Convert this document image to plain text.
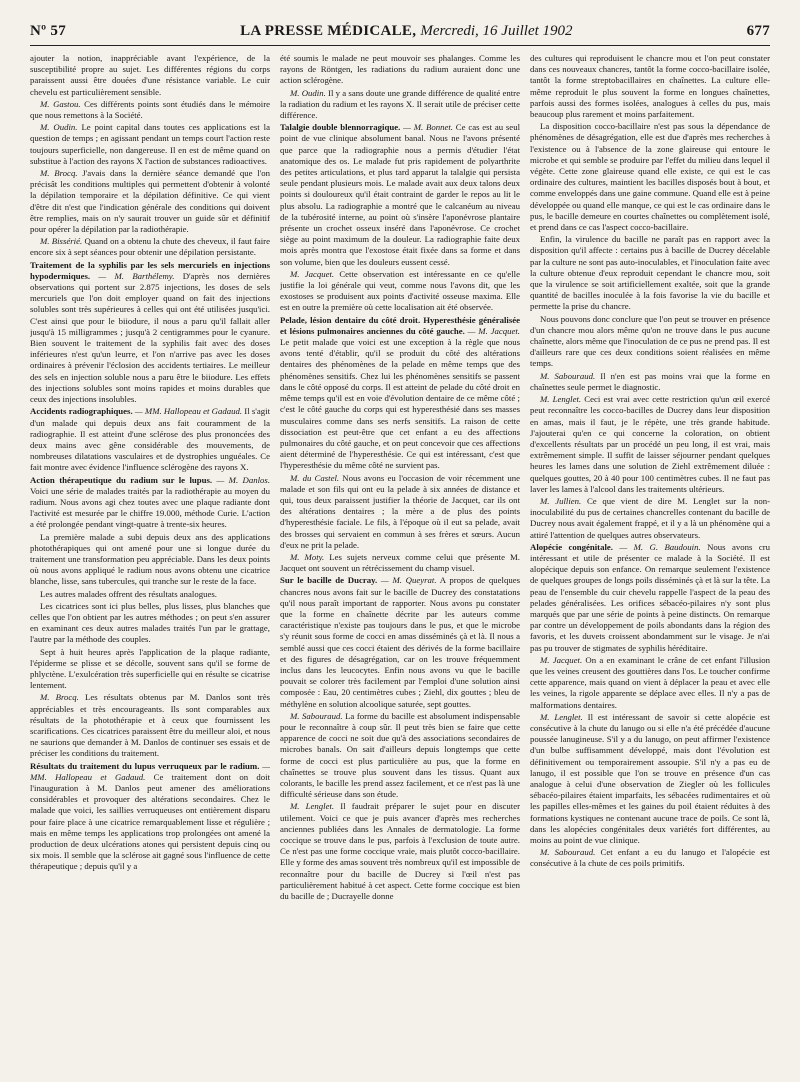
Nº 57	LA PRESSE MÉDICALE, Mercredi, 16 Juillet 1902	677

ajouter la notion, inappréciable avant l'expérience, de la susceptibilité propre au sujet. Les différentes régions du corps paraissent aussi être douées d'une résistance variable. Le cuir chevelu est particulièrement sensible.

M. Gastou. Ces différents points sont étudiés dans le mémoire que nous remettons à la Société.

M. Oudin. Le point capital dans toutes ces applications est la question de temps ; en agissant pendant un temps court l'action reste toujours superficielle, non dangereuse. Il en est de même quand on substitue à l'action des rayons X l'action de substances radioactives.

M. Brocq. J'avais dans la dernière séance demandé que l'on précisât les conditions multiples qui permettent d'obtenir à volonté la dépilation temporaire et la dépilation définitive. Ce qui vient d'être dit n'est que l'indication générale des conditions qui doivent être remplies, mais on n'y saurait trouver un guide sûr et définitif pour opérer la dépilation par la radiothérapie.

M. Bissérié. Quand on a obtenu la chute des cheveux, il faut faire encore six à sept séances pour obtenir une dépilation persistante.

Traitement de la syphilis par les sels mercuriels en injections hypodermiques. — M. Barthélemy. D'après nos dernières observations qui portent sur 2.875 injections, les doses de sels mercuriels que l'on doit employer quand on fait des injections solubles sont très supérieures à celles qui ont été utilisées jusqu'ici. C'est ainsi que pour le biiodure, il nous a paru qu'il fallait aller jusqu'à 15 milligrammes ; jusqu'à 2 centigrammes pour le cyanure. Bien souvent le traitement de la syphilis fait avec des doses inférieures n'est qu'un leurre, et l'on n'arrive pas avec les doses ordinaires à prévenir l'éclosion des accidents tertiaires. Le meilleur des sels en injection soluble nous a paru être le biiodure. Les effets des injections solubles sont moins rapides et moins durables que ceux des injections insolubles.

Accidents radiographiques. — MM. Hallopeau et Gadaud. Il s'agit d'un malade qui depuis deux ans fait couramment de la radiographie. Il est atteint d'une sclérose des plus prononcées des deux mains avec gêne considérable des mouvements, de nombreuses dilatations vasculaires et de dystrophies unguéales. Ce fait montre avec évidence l'influence sclérogène des rayons X.

Action thérapeutique du radium sur le lupus. — M. Danlos. Voici une série de malades traités par la radiothérapie au moyen du radium. Nous avons agi chez toutes avec une plaque radiante dont l'activité est mesurée par le chiffre 19.000, méthode Curie. L'action a été prolongée pendant vingt-quatre à trente-six heures.

La première malade a subi depuis deux ans des applications photothérapiques qui ont amené pour une si longue durée du traitement une transformation peu appréciable. Dans les deux points où nous avons appliqué le radium nous avons obtenu une cicatrice blanche, lisse, sans tubercules, qui tranche sur le reste de la face.

Les autres malades offrent des résultats analogues.

Les cicatrices sont ici plus belles, plus lisses, plus blanches que celles que l'on obtient par les autres méthodes ; on peut s'en assurer en examinant ces deux autres malades traités l'un par le grattage, l'autre par la méthode des couples.

Sept à huit heures après l'application de la plaque radiante, l'épiderme se plisse et se décolle, souvent sans qu'il se forme de phlyctène. L'exulcération très superficielle qui en résulte se cicatrise lentement.

M. Brocq. Les résultats obtenus par M. Danlos sont très appréciables et très encourageants. Ils sont comparables aux résultats de la photothérapie et à ceux que fournissent les scarifications. Ces cicatrices paraissent être du meilleur aloi, et nous ne saurions que demander à M. Danlos de continuer ses essais et de préciser les conditions du traitement.

Résultats du traitement du lupus verruqueux par le radium. — MM. Hallopeau et Gadaud. Ce traitement dont on doit l'inauguration à M. Danlos peut amener des améliorations considérables et provoquer des altérations secondaires. Chez le malade que voici, les saillies verruqueuses ont entièrement disparu pour faire place à une cicatrice remarquablement lisse et régulière ; mais en même temps les applications trop prolongées ont amené la production de deux ulcérations atones qui persistent depuis cinq ou six mois. Il semble que la sclérose ait gagné sous l'influence de cette thérapeutique ; depuis qu'il y a

été soumis le malade ne peut mouvoir ses phalanges. Comme les rayons de Röntgen, les radiations du radium auraient donc une action sclérogène.

M. Oudin. Il y a sans doute une grande différence de qualité entre la radiation du radium et les rayons X. Il serait utile de préciser cette différence.

Talalgie double blennorragique. — M. Bonnet. Ce cas est au seul point de vue clinique absolument banal. Nous ne l'avons présenté que parce que la radiographie nous a permis d'étudier l'état anatomique des os. Le malade fut pris rapidement de polyarthrite des petites articulations, et plus tard apparut la talalgie qui persista seule pendant plusieurs mois. Le malade avait aux deux talons deux points si douloureux qu'il était contraint de garder le repos au lit le plus absolu. La radiographie a montré que le calcanéum au niveau de la tubérosité interne, au point où s'insère l'aponévrose plantaire présente un crochet osseux inséré dans l'aponévrose. Ce crochet siège au point maximum de la douleur. La radiographie faite deux mois après montra que l'exostose était fixée dans sa forme et dans son volume, bien que les douleurs eussent cessé.

M. Jacquet. Cette observation est intéressante en ce qu'elle justifie la loi générale qui veut, comme nous l'avons dit, que les exostoses se produisent aux points d'activité osseuse maxima. Elle est en outre la première où cette localisation ait été observée.

Pelade, lésion dentaire du côté droit. Hyperesthésie généralisée et lésions pulmonaires anciennes du côté gauche. — M. Jacquet. Le petit malade que voici est une exception à la règle que nous avons tenté d'établir, qu'il se produit du côté des altérations dentaires des phénomènes de la pelade en même temps que des phénomènes sensitifs. Chez lui les phénomènes sensitifs se passent dans le côté opposé du corps. Il est atteint de pelade du côté droit en même temps qu'il est en voie d'évolution dentaire de ce même côté ; c'est le côté gauche du corps qui est hyperesthésié dans ses masses musculaires comme dans ses nerfs sensitifs. La raison de cette dissociation est peut-être que cet enfant a eu des affections pulmonaires du côté gauche, et on peut concevoir que ces affections aient déterminé de l'hyperesthésie. Ce qui est intéressant, c'est que l'hyperesthésie du même côté ne survient pas.

M. du Castel. Nous avons eu l'occasion de voir récemment une malade et son fils qui ont eu la pelade à six années de distance et qui, tous deux paraissent justifier la théorie de Jacquet, car ils ont des altérations dentaires ; la mère a de plus des points d'hyperesthésie faciale. Le fils, à l'époque où il eut sa pelade, avait des brosses qui servaient en commun à ses frères et sœurs. Aucun d'eux ne prit la pelade.

M. Moty. Les sujets nerveux comme celui que présente M. Jacquet ont souvent un rétrécissement du champ visuel.

Sur le bacille de Ducray. — M. Queyrat. A propos de quelques chancres nous avons fait sur le bacille de Ducrey des constatations qu'il nous paraît important de rapporter. Nous avons pu constater que la forme en chaînette décrite par les auteurs comme caractéristique n'existe pas toujours dans le pus, et que le microbe s'y réunit sous forme de cocci en amas disséminés çà et là. Il nous a semblé aussi que ces cocci étaient des dérivés de la forme bacillaire et des figures de désagrégation, car on les trouve fréquemment inclus dans les leucocytes. Enfin nous avons vu que le bacille pouvait se colorer très facilement par l'emploi d'une solution ainsi composée : Eau, 20 centimètres cubes ; Ziehl, dix gouttes ; bleu de méthylène en solution alcoolique saturée, sept gouttes.

M. Sabouraud. La forme du bacille est absolument indispensable pour le reconnaître à coup sûr. Il peut très bien se faire que cette apparence de cocci ne soit due qu'à des associations secondaires de microbes banals. On sait d'ailleurs depuis longtemps que cette forme de cocci est plus particulière au pus, que la forme en chaînettes se trouve plus souvent dans les tissus. Quant aux colorants, le bacille les prend assez facilement, et ce n'est pas là une difficulté sérieuse dans son étude.

M. Lenglet. Il faudrait préparer le sujet pour en discuter utilement. Voici ce que je puis avancer d'après mes recherches anciennes publiées dans les Annales de dermatologie. La forme coccique se trouve dans le pus, parfois à l'exclusion de toute autre. Ce n'est pas une forme coccique vraie, mais plutôt cocco-bacillaire. Elle y forme des amas souvent très nombreux qu'il est impossible de reconnaître pour du bacille de Ducrey si l'œil n'est pas particulièrement habitué à cet aspect. Cette forme coccique est bien du bacille de ; Ducrayelle donne

des cultures qui reproduisent le chancre mou et l'on peut constater dans ces nouveaux chancres, tantôt la forme cocco-bacillaire isolée, tantôt la forme streptobacillaires en chaînettes. La culture elle-même reproduit le plus souvent la forme en longues chaînettes, parfois aussi des formes isolées, analogues à celles du pus, mais beaucoup plus rarement et moins parfaitement.

La disposition cocco-bacillaire n'est pas sous la dépendance de phénomènes de désagrégation, elle est due d'après mes recherches à l'existence ou à l'absence de la zone glaireuse qui entoure le microbe et qui semble se produire par l'effet du milieu dans lequel il végète. Cette zone glaireuse quand elle existe, ce qui est le cas ordinaire des cultures, maintient les bacilles disposés bout à bout, et comme enveloppés dans une gaine commune. Quand elle est à peine développée ou quand elle manque, ce qui est le cas ordinaire dans le pus, le bacille demeure en courtes chaînettes ou complètement isolé, et prend dans ce cas l'aspect cocco-bacillaire.

Enfin, la virulence du bacille ne paraît pas en rapport avec la disposition qu'il affecte : certains pus à bacille de Ducrey décelable par la culture ne sont pas auto-inoculables, et l'inoculation faite avec la culture obtenue d'eux reproduit cependant le chancre mou, soit que la virulence se soit artificiellement exaltée, soit que la grande quantité de bacilles inoculée à la fois favorise la vie du bacille et permette la prise du chancre.

Nous pouvons donc conclure que l'on peut se trouver en présence d'un chancre mou alors même qu'on ne trouve dans le pus aucune chaînette, alors même que l'inoculation de ce pus ne prend pas. Il est d'ailleurs rare que ces deux conditions soient réalisées en même temps.

M. Sabouraud. Il n'en est pas moins vrai que la forme en chaînettes seule permet le diagnostic.

M. Lenglet. Ceci est vrai avec cette restriction qu'un œil exercé peut reconnaître les cocco-bacilles de Ducrey dans leur disposition en amas, mais il faut, je le répète, une très grande habitude. J'ajouterai qu'en ce qui concerne la coloration, on obtient d'excellents résultats par un procédé un peu long, il est vrai, mais extrêmement simple. Il suffit de laisser séjourner pendant quelques heures les lames dans une solution de Ziehl extrêmement diluée : quelques gouttes, 20 à 40 pour 100 centimètres cubes. Il ne faut pas laver les lames à l'alcool dans les traitements ultérieurs.

M. Jullien. Ce que vient de dire M. Lenglet sur la non-inoculabilité du pus de certaines chancrelles contenant du bacille de Ducrey nous avait également frappé, et il y a là un phénomène qui a attiré l'attention de quelques autres observateurs.

Alopécie congénitale. — M. G. Baudouin. Nous avons cru intéressant et utile de présenter ce malade à la Société. Il est alopécique depuis son enfance. On remarque seulement l'existence de quelques groupes de longs poils disséminés çà et là sur la tête. La peau de l'ensemble du cuir chevelu rappelle l'aspect de la peau des pelades généralisées. Les orifices sébacéo-pilaires n'y sont plus marqués que par une série de points à peine distincts. On remarque par contre un développement de poils abondants dans la région des favoris, et les duvets croissent abondamment sur le visage. Je n'ai pas pu trouver de stigmates de syphilis héréditaire.

M. Jacquet. On a en examinant le crâne de cet enfant l'illusion que les veines creusent des gouttières dans l'os. Le toucher confirme cette apparence, mais quand on vient à déplacer la peau et avec elle les veines, la rigole apparente se déplace avec elles. Il n'y a pas de malformations dentaires.

M. Lenglet. Il est intéressant de savoir si cette alopécie est consécutive à la chute du lanugo ou si elle n'a été précédée d'aucune poussée lanugineuse. S'il y a du lanugo, on peut affirmer l'existence d'un bulbe suffisamment développé, mais dont l'évolution est définitivement ou temporairement assoupie. S'il n'y a pas eu de lanugo, il est possible que l'on se trouve en présence d'un cas analogue à celui d'une observation de Ziegler où les follicules sébacéo-pilaires étaient imparfaits, les sébacées rudimentaires et où les papilles elles-mêmes et les gaines du poil étaient réduites à des formations kystiques ne contenant aucune trace de poils. Ce sont là, dans les alopécies congénitales deux variétés fort différentes, au moins au point de vue clinique.

M. Sabouraud. Cet enfant a eu du lanugo et l'alopécie est consécutive à la chute de ces poils primitifs.
